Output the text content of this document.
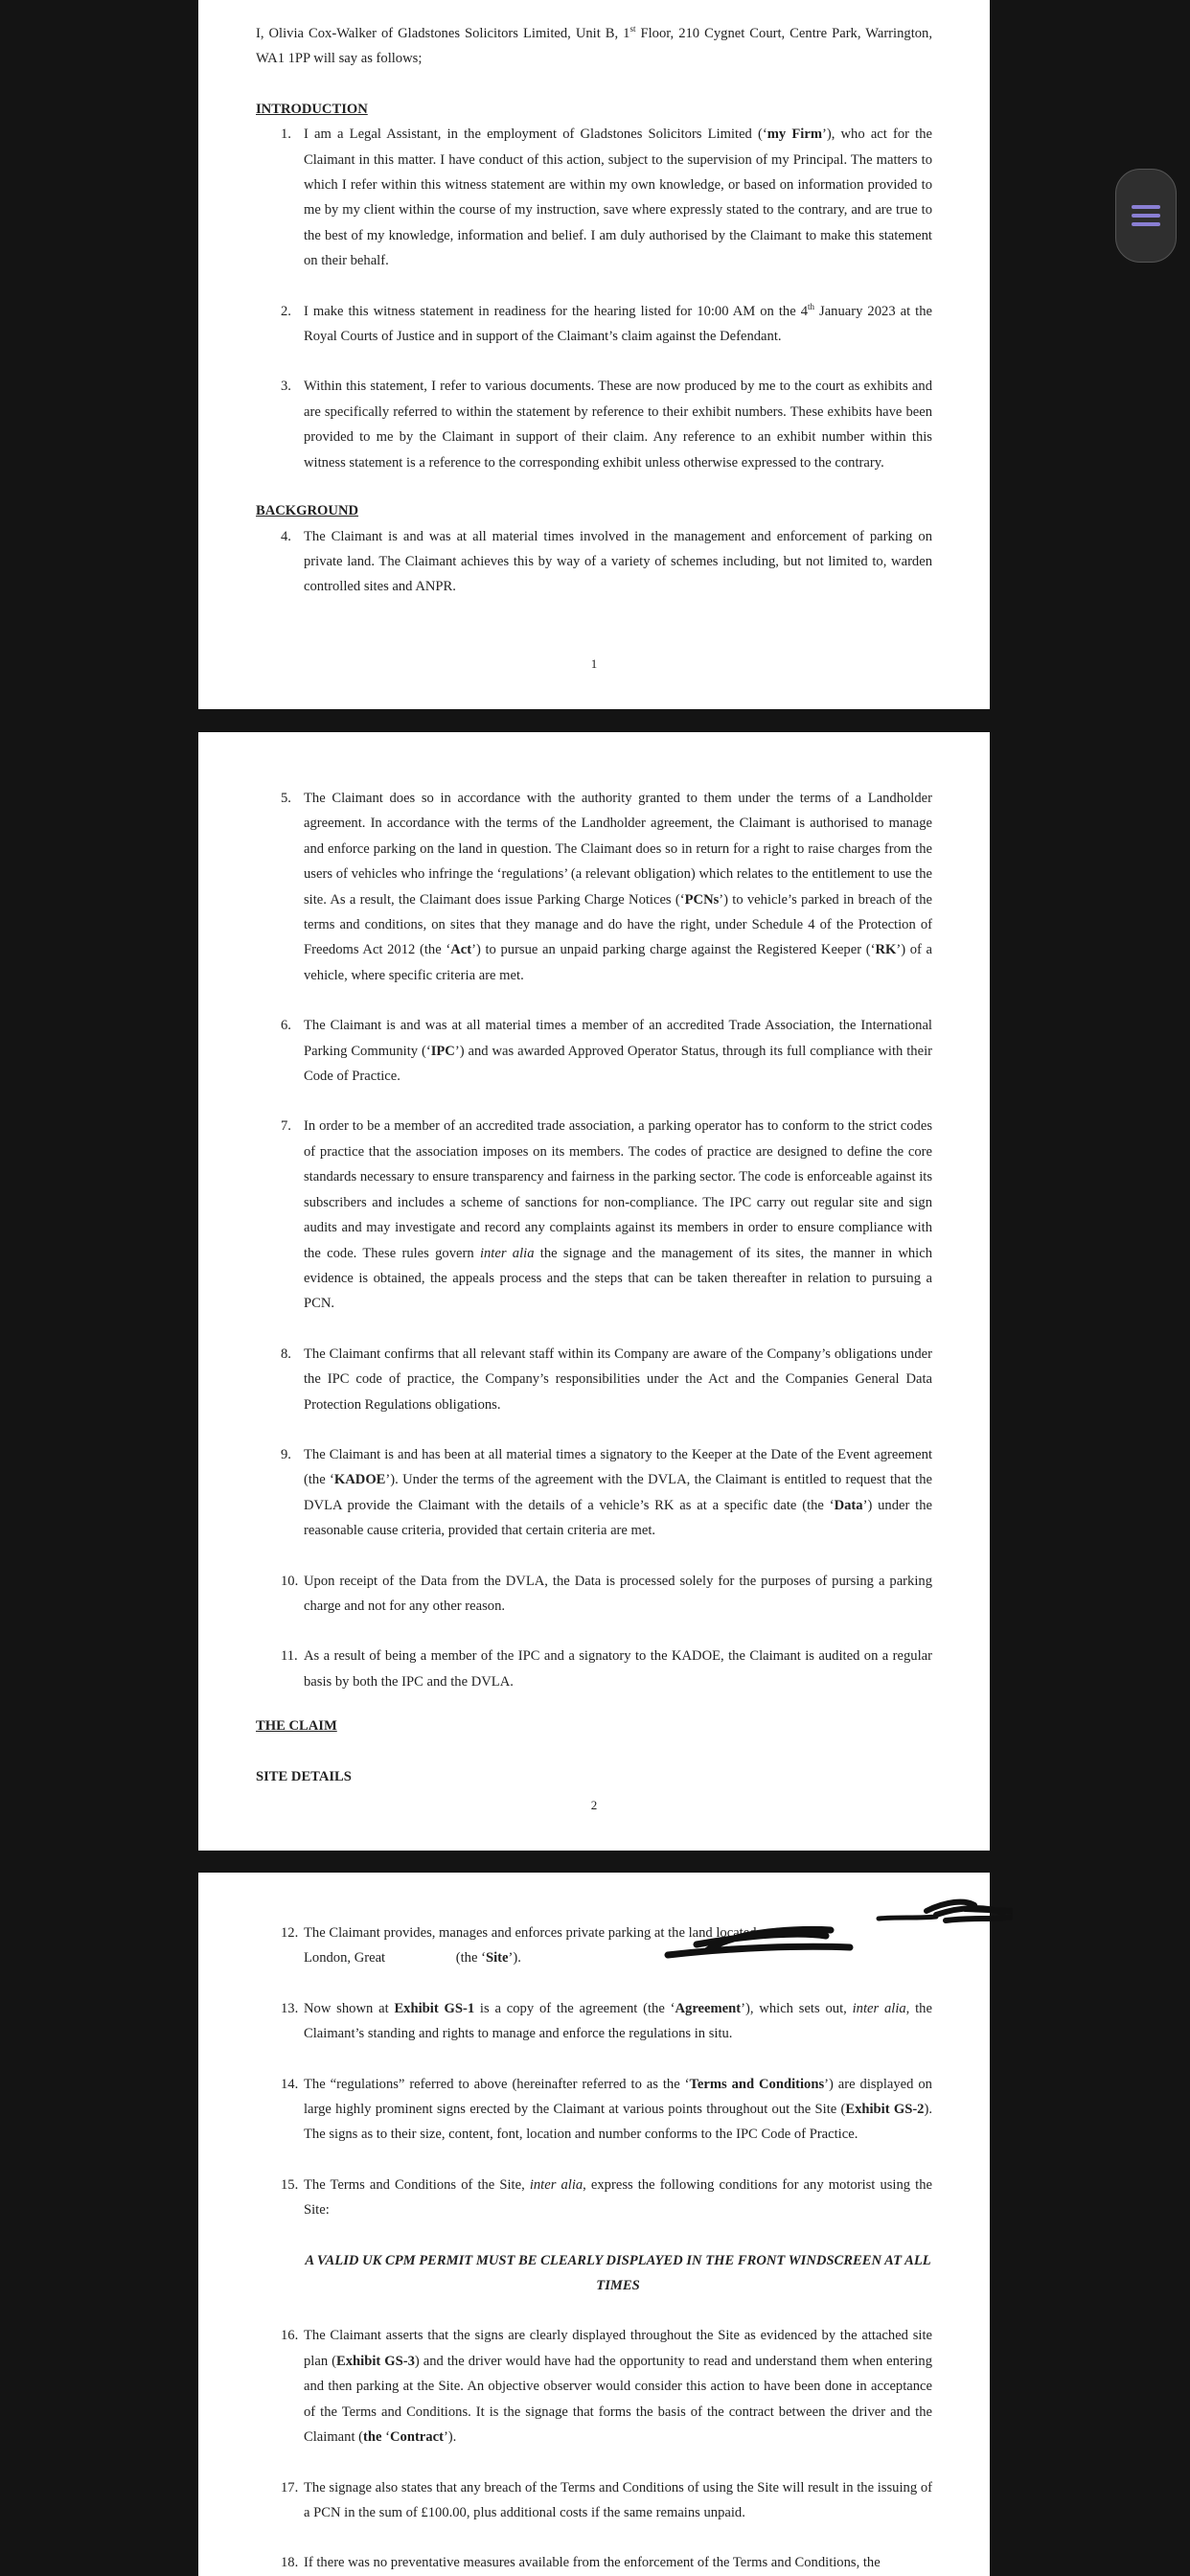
I, Olivia Cox-Walker of Gladstones Solicitors Limited, Unit B, 1st Floor, 210 Cygnet Court, Centre Park, Warrington, WA1 1PP will say as follows;

INTRODUCTION

1. I am a Legal Assistant, in the employment of Gladstones Solicitors Limited (‘my Firm’), who act for the Claimant in this matter. I have conduct of this action, subject to the supervision of my Principal. The matters to which I refer within this witness statement are within my own knowledge, or based on information provided to me by my client within the course of my instruction, save where expressly stated to the contrary, and are true to the best of my knowledge, information and belief. I am duly authorised by the Claimant to make this statement on their behalf.
2. I make this witness statement in readiness for the hearing listed for 10:00 AM on the 4th January 2023 at the Royal Courts of Justice and in support of the Claimant’s claim against the Defendant.
3. Within this statement, I refer to various documents. These are now produced by me to the court as exhibits and are specifically referred to within the statement by reference to their exhibit numbers. These exhibits have been provided to me by the Claimant in support of their claim. Any reference to an exhibit number within this witness statement is a reference to the corresponding exhibit unless otherwise expressed to the contrary.

BACKGROUND

4. The Claimant is and was at all material times involved in the management and enforcement of parking on private land. The Claimant achieves this by way of a variety of schemes including, but not limited to, warden controlled sites and ANPR.
1
5. The Claimant does so in accordance with the authority granted to them under the terms of a Landholder agreement. In accordance with the terms of the Landholder agreement, the Claimant is authorised to manage and enforce parking on the land in question. The Claimant does so in return for a right to raise charges from the users of vehicles who infringe the ‘regulations’ (a relevant obligation) which relates to the entitlement to use the site. As a result, the Claimant does issue Parking Charge Notices (‘PCNs’) to vehicle’s parked in breach of the terms and conditions, on sites that they manage and do have the right, under Schedule 4 of the Protection of Freedoms Act 2012 (the ‘Act’) to pursue an unpaid parking charge against the Registered Keeper (‘RK’) of a vehicle, where specific criteria are met.
6. The Claimant is and was at all material times a member of an accredited Trade Association, the International Parking Community (‘IPC’) and was awarded Approved Operator Status, through its full compliance with their Code of Practice.
7. In order to be a member of an accredited trade association, a parking operator has to conform to the strict codes of practice that the association imposes on its members. The codes of practice are designed to define the core standards necessary to ensure transparency and fairness in the parking sector. The code is enforceable against its subscribers and includes a scheme of sanctions for non-compliance. The IPC carry out regular site and sign audits and may investigate and record any complaints against its members in order to ensure compliance with the code. These rules govern inter alia the signage and the management of its sites, the manner in which evidence is obtained, the appeals process and the steps that can be taken thereafter in relation to pursuing a PCN.
8. The Claimant confirms that all relevant staff within its Company are aware of the Company’s obligations under the IPC code of practice, the Company’s responsibilities under the Act and the Companies General Data Protection Regulations obligations.
9. The Claimant is and has been at all material times a signatory to the Keeper at the Date of the Event agreement (the ‘KADOE’). Under the terms of the agreement with the DVLA, the Claimant is entitled to request that the DVLA provide the Claimant with the details of a vehicle’s RK as at a specific date (the ‘Data’) under the reasonable cause criteria, provided that certain criteria are met.
10. Upon receipt of the Data from the DVLA, the Data is processed solely for the purposes of pursing a parking charge and not for any other reason.
11. As a result of being a member of the IPC and a signatory to the KADOE, the Claimant is audited on a regular basis by both the IPC and the DVLA.

THE CLAIM

SITE DETAILS

2
12. The Claimant provides, manages and enforces private parking at the land located at Ox
London, Great	(the ‘Site’).
13. Now shown at Exhibit GS-1 is a copy of the agreement (the ‘Agreement’), which sets out, inter alia, the Claimant’s standing and rights to manage and enforce the regulations in situ.
14. The “regulations” referred to above (hereinafter referred to as the ‘Terms and Conditions’) are displayed on large highly prominent signs erected by the Claimant at various points throughout out the Site (Exhibit GS-2). The signs as to their size, content, font, location and number conforms to the IPC Code of Practice.
15. The Terms and Conditions of the Site, inter alia, express the following conditions for any motorist using the Site:

A VALID UK CPM PERMIT MUST BE CLEARLY DISPLAYED IN THE FRONT WINDSCREEN AT ALL TIMES

16. The Claimant asserts that the signs are clearly displayed throughout the Site as evidenced by the attached site plan (Exhibit GS-3) and the driver would have had the opportunity to read and understand them when entering and then parking at the Site. An objective observer would consider this action to have been done in acceptance of the Terms and Conditions. It is the signage that forms the basis of the contract between the driver and the Claimant (the ‘Contract’).
17. The signage also states that any breach of the Terms and Conditions of using the Site will result in the issuing of a PCN in the sum of £100.00, plus additional costs if the same remains unpaid.
18. If there was no preventative measures available from the enforcement of the Terms and Conditions, the
